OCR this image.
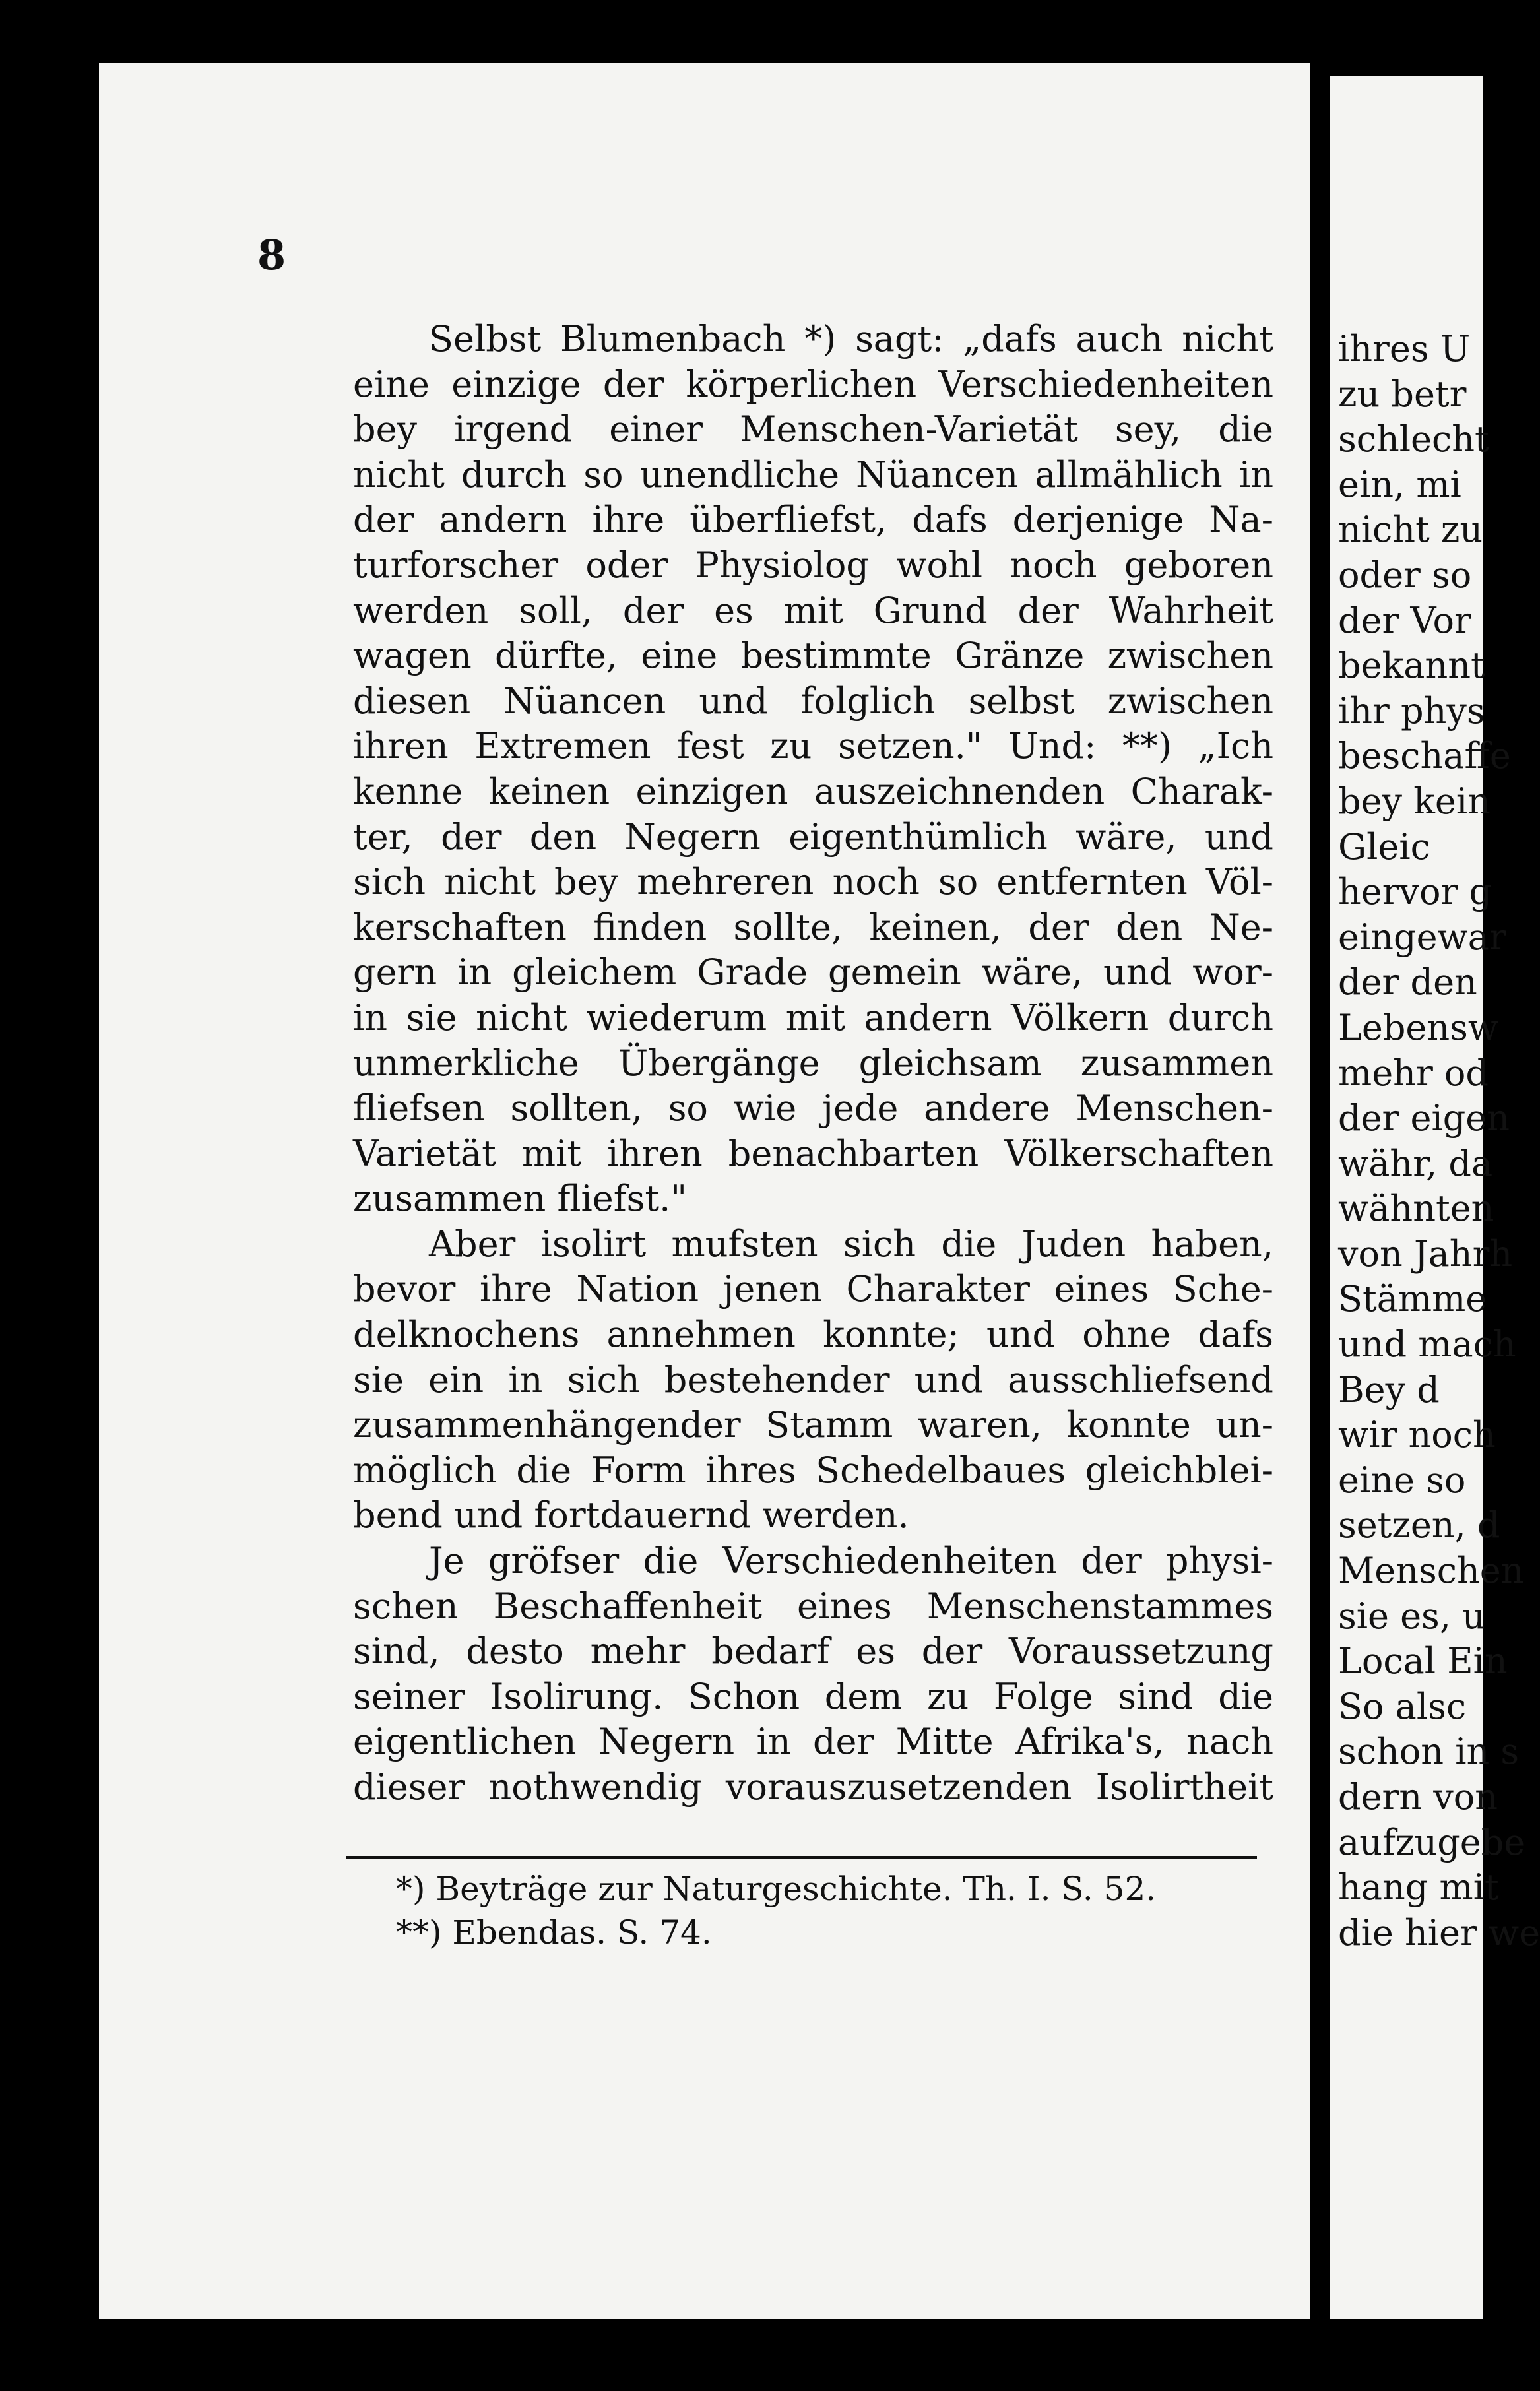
8
Selbst Blumenbach *) sagt: „dafs auch nicht
eine einzige der körperlichen Verschiedenheiten
bey irgend einer Menschen-Varietät sey, die
nicht durch so unendliche Nüancen allmählich in
der andern ihre überfliefst, dafs derjenige Na-
turforscher oder Physiolog wohl noch geboren
werden soll, der es mit Grund der Wahrheit
wagen dürfte, eine bestimmte Gränze zwischen
diesen Nüancen und folglich selbst zwischen
ihren Extremen fest zu setzen." Und: **) „Ich
kenne keinen einzigen auszeichnenden Charak-
ter, der den Negern eigenthümlich wäre, und
sich nicht bey mehreren noch so entfernten Völ-
kerschaften finden sollte, keinen, der den Ne-
gern in gleichem Grade gemein wäre, und wor-
in sie nicht wiederum mit andern Völkern durch
unmerkliche Übergänge gleichsam zusammen
fliefsen sollten, so wie jede andere Menschen-
Varietät mit ihren benachbarten Völkerschaften
zusammen fliefst."
Aber isolirt mufsten sich die Juden haben,
bevor ihre Nation jenen Charakter eines Sche-
delknochens annehmen konnte; und ohne dafs
sie ein in sich bestehender und ausschliefsend
zusammenhängender Stamm waren, konnte un-
möglich die Form ihres Schedelbaues gleichblei-
bend und fortdauernd werden.
Je gröfser die Verschiedenheiten der physi-
schen Beschaffenheit eines Menschenstammes
sind, desto mehr bedarf es der Voraussetzung
seiner Isolirung. Schon dem zu Folge sind die
eigentlichen Negern in der Mitte Afrika's, nach
dieser nothwendig vorauszusetzenden Isolirtheit
*) Beyträge zur Naturgeschichte. Th. I. S. 52.
**) Ebendas. S. 74.
ihres U
zu betr
schlecht
ein, mi
nicht zu
oder so
der Vor
bekannt
ihr phys
beschaffe
bey kein
Gleic
hervor g
eingewar
der den
Lebensw
mehr od
der eigen
währ, da
wähnten
von Jahrh
Stämme
und mach
Bey d
wir noch
eine so
setzen, d
Menschen
sie es, u
Local Ein
So alsc
schon in s
dern von
aufzugebe
hang mit
die hier we
